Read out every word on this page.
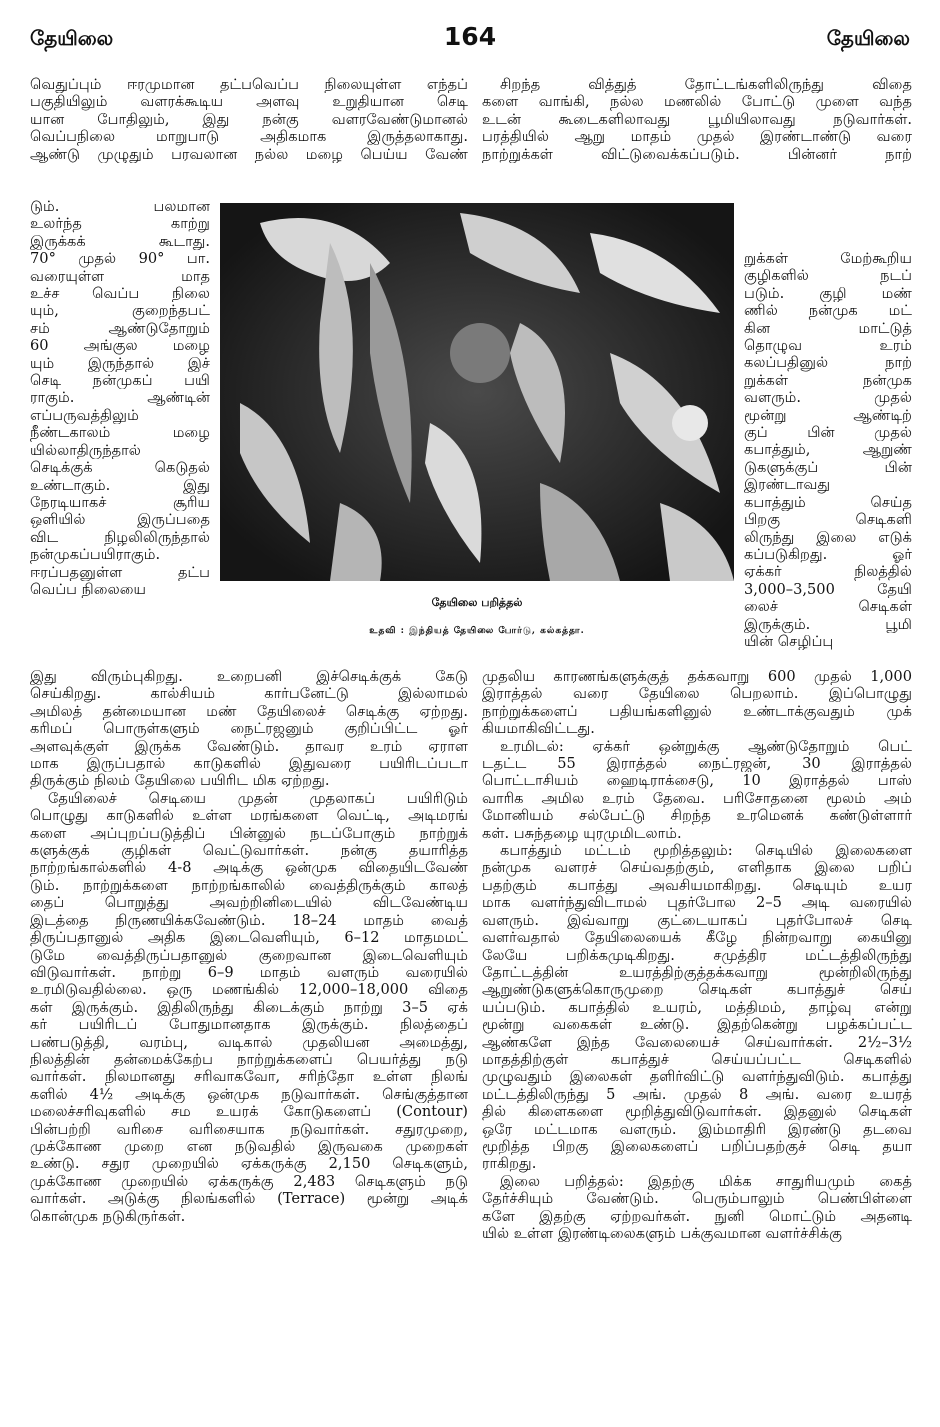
தேயிலை	164	தேயிலை
வெதுப்பும் ஈரமுமான தட்பவெப்ப நிலையுள்ள எந்தப்
பகுதியிலும் வளரக்கூடிய அளவு உறுதியான செடி
யான போதிலும், இது நன்கு வளரவேண்டுமானல்
வெப்பநிலை மாறுபாடு அதிகமாக இருத்தலாகாது.
ஆண்டு முழுதும் பரவலான நல்ல மழை பெய்ய வேண்
டும். பலமான
உலர்ந்த காற்று
இருக்கக் கூடாது.
70° முதல் 90° பா.
வரையுள்ள மாத
உச்ச வெப்ப நிலை
யும், குறைந்தபட்
சம் ஆண்டுதோறும்
60 அங்குல மழை
யும் இருந்தால் இச்
செடி நன்முகப் பயி
ராகும். ஆண்டின்
எப்பருவத்திலும்
நீண்டகாலம் மழை
யில்லாதிருந்தால்
செடிக்குக் கெடுதல்
உண்டாகும். இது
நேரடியாகச் சூரிய
ஒளியில் இருப்பதை
விட நிழலிலிருந்தால்
நன்முகப்பயிராகும்.
ஈரப்பதனுள்ள தட்ப
வெப்ப நிலையை
சிறந்த வித்துத் தோட்டங்களிலிருந்து விதை
களை வாங்கி, நல்ல மணலில் போட்டு முளை வந்த
உடன் கூடைகளிலாவது பூமியிலாவது நடுவார்கள்.
பரத்தியில் ஆறு மாதம் முதல் இரண்டாண்டு வரை
நாற்றுக்கள் விட்டுவைக்கப்படும். பின்னர் நாற்
றுக்கள் மேற்கூறிய
குழிகளில் நடப்
படும். குழி மண்
ணில் நன்முக மட்
கின மாட்டுத்
தொழுவ உரம்
கலப்பதினுல் நாற்
றுக்கள் நன்முக
வளரும். முதல்
மூன்று ஆண்டிற்
குப் பின் முதல்
கபாத்தும், ஆறுண்
டுகளுக்குப் பின்
இரண்டாவது
கபாத்தும் செய்த
பிறகு செடிகளி
லிருந்து இலை எடுக்
கப்படுகிறது. ஓர்
ஏக்கர் நிலத்தில்
3,000–3,500 தேயி
லைச் செடிகள்
இருக்கும். பூமி
யின் செழிப்பு
தேயிலை பறித்தல்
உதவி : இந்தியத் தேயிலை போர்டு, கல்கத்தா.
இது விரும்புகிறது. உறைபனி இச்செடிக்குக் கேடு
செய்கிறது. கால்சியம் கார்பனேட்டு இல்லாமல்
அமிலத் தன்மையான மண் தேயிலைச் செடிக்கு ஏற்றது.
கரிமப் பொருள்களும் நைட்ரஜனும் குறிப்பிட்ட ஓர்
அளவுக்குள் இருக்க வேண்டும். தாவர உரம் ஏராள
மாக இருப்பதால் காடுகளில் இதுவரை பயிரிடப்படா
திருக்கும் நிலம் தேயிலை பயிரிட மிக ஏற்றது.
தேயிலைச் செடியை முதன் முதலாகப் பயிரிடும்
பொழுது காடுகளில் உள்ள மரங்களை வெட்டி, அடிமரங்
களை அப்புறப்படுத்திப் பின்னுல் நடப்போகும் நாற்றுக்
களுக்குக் குழிகள் வெட்டுவார்கள். நன்கு தயாரித்த
நாற்றங்கால்களில் 4-8 அடிக்கு ஒன்முக விதையிடவேண்
டும். நாற்றுக்களை நாற்றங்காலில் வைத்திருக்கும் காலத்
தைப் பொறுத்து அவற்றினிடையில் விடவேண்டிய
இடத்தை நிருணயிக்கவேண்டும். 18–24 மாதம் வைத்
திருப்பதானுல் அதிக இடைவெளியும், 6–12 மாதமமட்
டுமே வைத்திருப்பதானுல் குறைவான இடைவெளியும்
விடுவார்கள். நாற்று 6–9 மாதம் வளரும் வரையில்
உரமிடுவதில்லை. ஒரு மணங்கில் 12,000–18,000 விதை
கள் இருக்கும். இதிலிருந்து கிடைக்கும் நாற்று 3–5 ஏக்
கர் பயிரிடப் போதுமானதாக இருக்கும். நிலத்தைப்
பண்படுத்தி, வரம்பு, வடிகால் முதலியன அமைத்து,
நிலத்தின் தன்மைக்கேற்ப நாற்றுக்களைப் பெயர்த்து நடு
வார்கள். நிலமானது சரிவாகவோ, சரிந்தோ உள்ள நிலங்
களில் 4½ அடிக்கு ஒன்முக நடுவார்கள். செங்குத்தான
மலைச்சரிவுகளில் சம உயரக் கோடுகளைப் (Contour)
பின்பற்றி வரிசை வரிசையாக நடுவார்கள். சதுரமுறை,
முக்கோண முறை என நடுவதில் இருவகை முறைகள்
உண்டு. சதுர முறையில் ஏக்கருக்கு 2,150 செடிகளும்,
முக்கோண முறையில் ஏக்கருக்கு 2,483 செடிகளும் நடு
வார்கள். அடுக்கு நிலங்களில் (Terrace) மூன்று அடிக்
கொன்முக நடுகிருர்கள்.
முதலிய காரணங்களுக்குத் தக்கவாறு 600 முதல் 1,000
இராத்தல் வரை தேயிலை பெறலாம். இப்பொழுது
நாற்றுக்களைப் பதியங்களினுல் உண்டாக்குவதும் முக்
கியமாகிவிட்டது.
உரமிடல்: ஏக்கர் ஒன்றுக்கு ஆண்டுதோறும் பெட்
டதட்ட 55 இராத்தல் நைட்ரஜன், 30 இராத்தல்
பொட்டாசியம் ஹைடிராக்சைடு, 10 இராத்தல் பாஸ்
வாரிக அமில உரம் தேவை. பரிசோதனை மூலம் அம்
மோனியம் சல்பேட்டு சிறந்த உரமெனக் கண்டுள்ளார்
கள். பசுந்தழை யுரமுமிடலாம்.
கபாத்தும் மட்டம் மூறித்தலும்: செடியில் இலைகளை
நன்முக வளரச் செய்வதற்கும், எளிதாக இலை பறிப்
பதற்கும் கபாத்து அவசியமாகிறது. செடியும் உயர
மாக வளர்ந்துவிடாமல் புதர்போல 2–5 அடி வரையில்
வளரும். இவ்வாறு குட்டையாகப் புதர்போலச் செடி
வளர்வதால் தேயிலையைக் கீழே நின்றவாறு கையினு
லேயே பறிக்கமுடிகிறது. சமுத்திர மட்டத்திலிருந்து
தோட்டத்தின் உயரத்திற்குத்தக்கவாறு மூன்றிலிருந்து
ஆறுண்டுகளுக்கொருமுறை செடிகள் கபாத்துச் செய்
யப்படும். கபாத்தில் உயரம், மத்திமம், தாழ்வு என்று
மூன்று வகைகள் உண்டு. இதற்கென்று பழக்கப்பட்ட
ஆண்களே இந்த வேலையைச் செய்வார்கள். 2½–3½
மாதத்திற்குள் கபாத்துச் செய்யப்பட்ட செடிகளில்
முழுவதும் இலைகள் தளிர்விட்டு வளர்ந்துவிடும். கபாத்து
மட்டத்திலிருந்து 5 அங். முதல் 8 அங். வரை உயரத்
தில் கிளைகளை மூறித்துவிடுவார்கள். இதனுல் செடிகள்
ஒரே மட்டமாக வளரும். இம்மாதிரி இரண்டு தடவை
மூறித்த பிறகு இலைகளைப் பறிப்பதற்குச் செடி தயா
ராகிறது.
இலை பறித்தல்: இதற்கு மிக்க சாதுரியமும் கைத்
தேர்ச்சியும் வேண்டும். பெரும்பாலும் பெண்பிள்ளை
களே இதற்கு ஏற்றவர்கள். நுனி மொட்டும் அதனடி
யில் உள்ள இரண்டிலைகளும் பக்குவமான வளர்ச்சிக்கு
